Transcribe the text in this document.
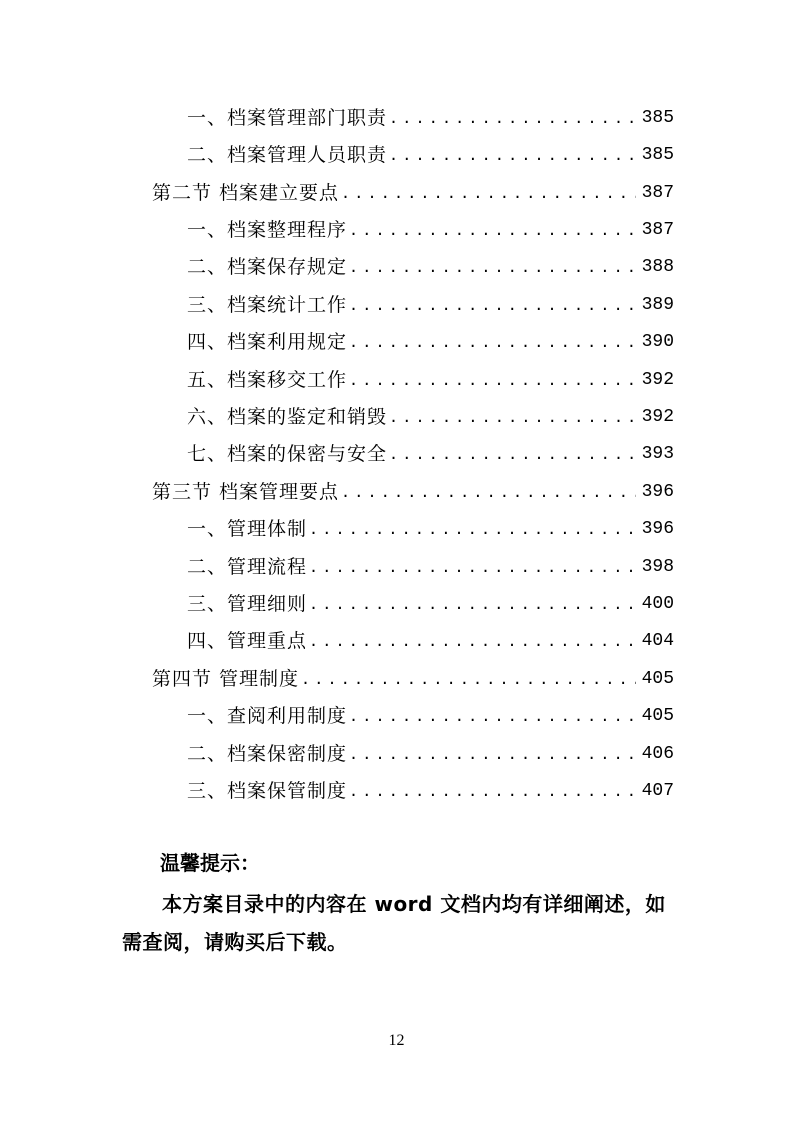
一、档案管理部门职责 .....	385
二、档案管理人员职责 .....	385
第二节 档案建立要点 .....	387
一、档案整理程序 .....	387
二、档案保存规定 .....	388
三、档案统计工作 .....	389
四、档案利用规定 .....	390
五、档案移交工作 .....	392
六、档案的鉴定和销毁 .....	392
七、档案的保密与安全 .....	393
第三节 档案管理要点 .....	396
一、管理体制 .....	396
二、管理流程 .....	398
三、管理细则 .....	400
四、管理重点 .....	404
第四节 管理制度 .....	405
一、查阅利用制度 .....	405
二、档案保密制度 .....	406
三、档案保管制度 .....	407
温馨提示：
本方案目录中的内容在 word 文档内均有详细阐述，如需查阅，请购买后下载。
12
